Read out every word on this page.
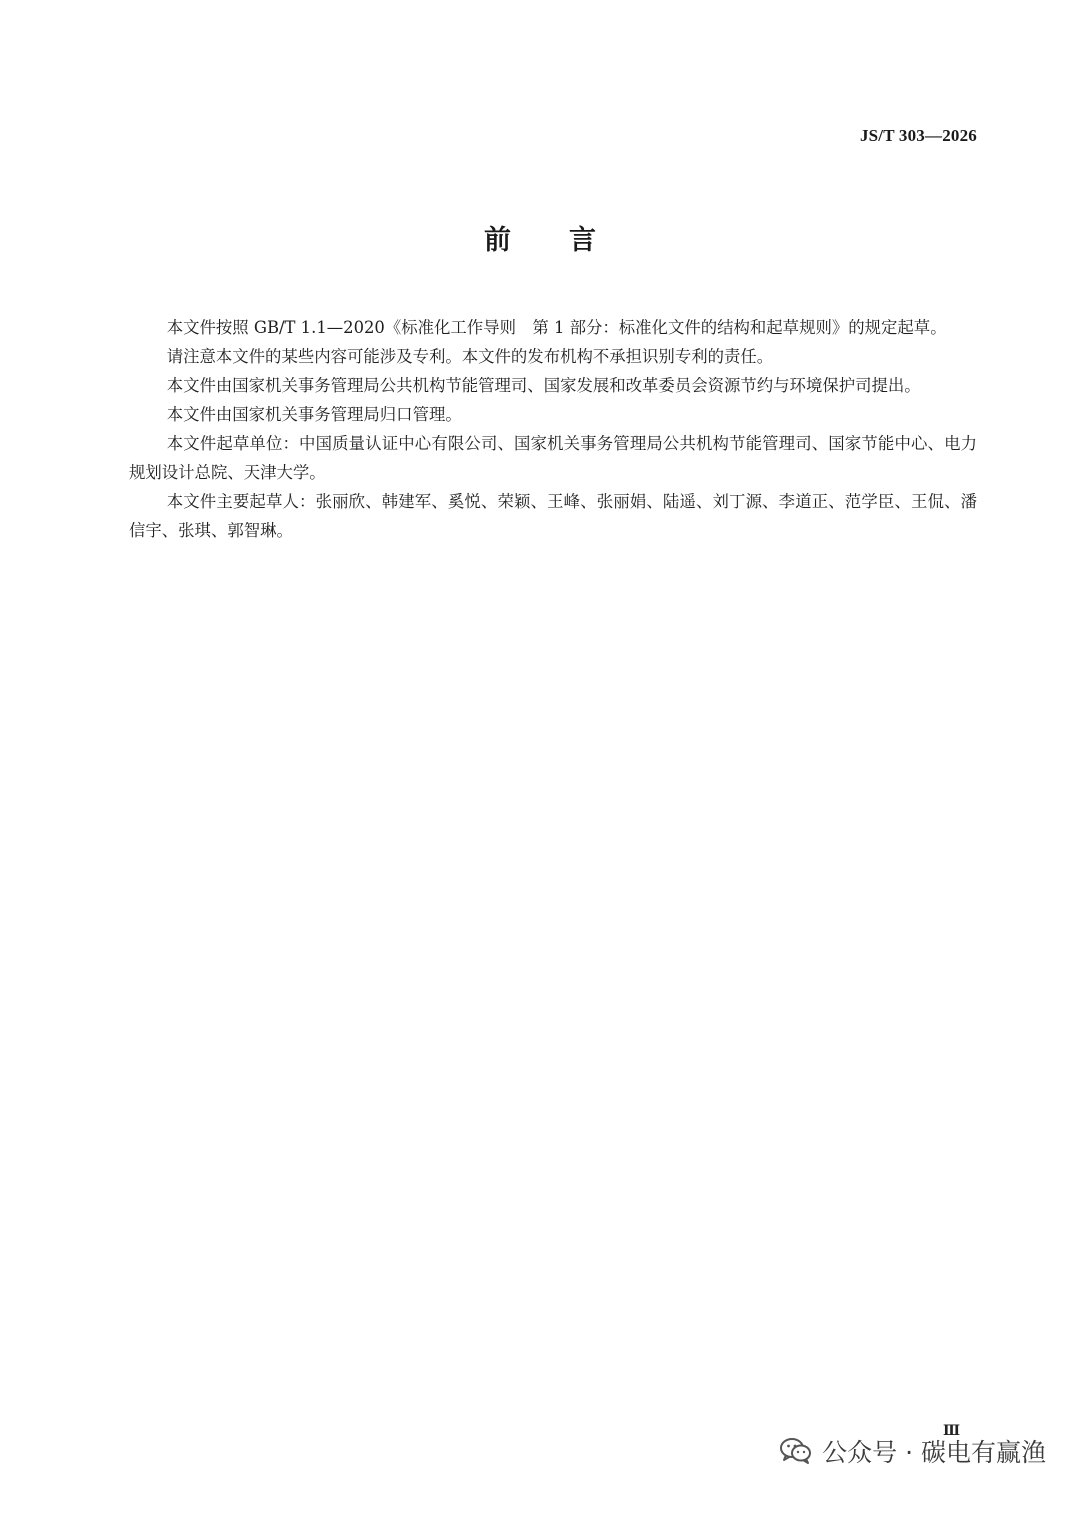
JS/T 303—2026
前 言

本文件按照 GB/T 1.1—2020《标准化工作导则　第 1 部分：标准化文件的结构和起草规则》的规定起草。

请注意本文件的某些内容可能涉及专利。本文件的发布机构不承担识别专利的责任。

本文件由国家机关事务管理局公共机构节能管理司、国家发展和改革委员会资源节约与环境保护司提出。

本文件由国家机关事务管理局归口管理。

本文件起草单位：中国质量认证中心有限公司、国家机关事务管理局公共机构节能管理司、国家节能中心、电力规划设计总院、天津大学。

本文件主要起草人：张丽欣、韩建军、奚悦、荣颖、王峰、张丽娟、陆遥、刘丁源、李道正、范学臣、王侃、潘信宇、张琪、郭智琳。

Ⅲ
公众号 · 碳电有赢渔
